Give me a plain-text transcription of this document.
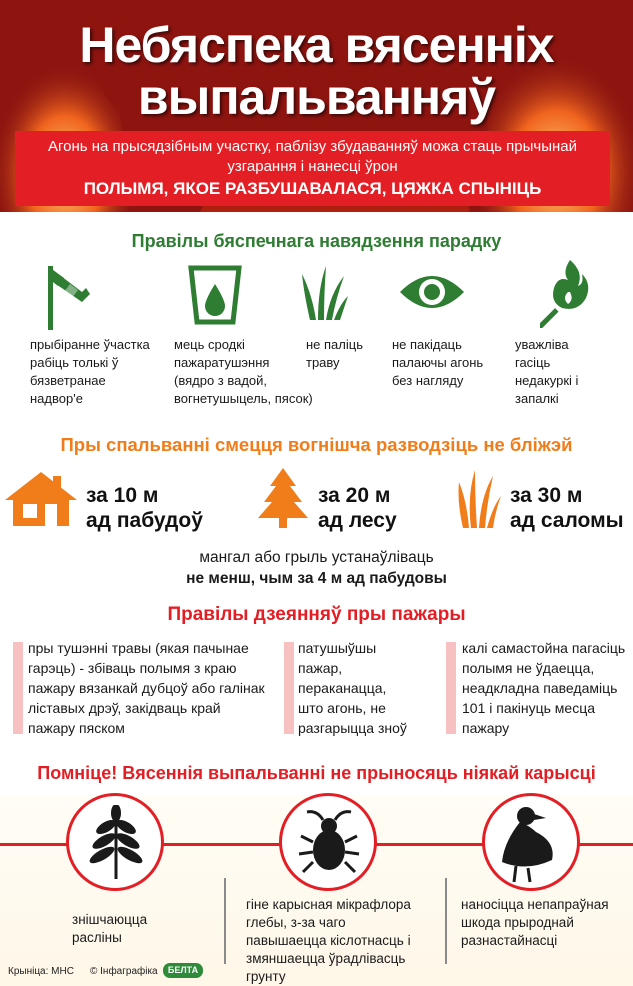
Небяспека вясенніх
выпальванняў
Агонь на прысядзібным участку, паблізу збудаванняў можа стаць прычынай
узгарання і нанесці ўрон
ПОЛЫМЯ, ЯКОЕ РАЗБУШАВАЛАСЯ, ЦЯЖКА СПЫНІЦЬ
Правілы бяспечнага навядзення парадку
прыбіранне ўчастка
рабіць толькі ў
бязветранае
надвор'е
мець сродкі
пажаратушэння
(вядро з вадой,
вогнетушыцель, пясок)
не паліць
траву
не пакідаць
палаючы агонь
без нагляду
уважліва
гасіць
недакуркі і
запалкі
Пры спальванні смецця вогнішча разводзіць не бліжэй
за 10 м
ад пабудоў
за 20 м
ад лесу
за 30 м
ад саломы
мангал або грыль устанаўліваць
не менш, чым за 4 м ад пабудовы
Правілы дзеянняў пры пажары
пры тушэнні травы (якая пачынае
гарэць) - збіваць полымя з краю
пажару вязанкай дубцоў або галінак
ліставых дрэў, закідваць край
пажару пяском
патушыўшы
пажар,
пераканацца,
што агонь, не
разгарыцца зноў
калі самастойна пагасіць
полымя не ўдаецца,
неадкладна паведаміць
101 і пакінуць месца
пажару
Помніце! Вясеннія выпальванні не прыносяць ніякай карысці
знішчаюцца
расліны
гіне карысная мікрафлора
глебы, з-за чаго
павышаецца кіслотнасць і
змяншаецца ўрадлівасць
грунту
наносіцца непапраўная
шкода прыроднай
разнастайнасці
Крыніца: МНС © Інфаграфіка	БЕЛТА
